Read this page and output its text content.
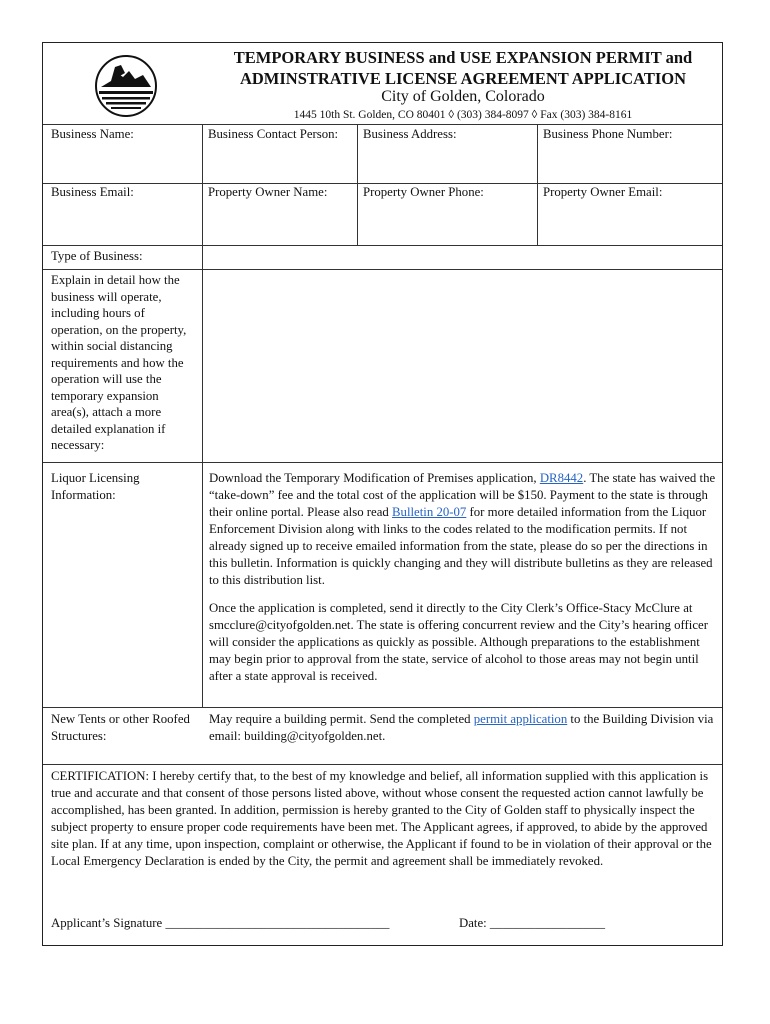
TEMPORARY BUSINESS and USE EXPANSION PERMIT and
ADMINSTRATIVE LICENSE AGREEMENT APPLICATION
City of Golden, Colorado
1445 10th St. Golden, CO 80401 ◊ (303) 384-8097 ◊ Fax (303) 384-8161
Business Name:	Business Contact Person: Business Address:	Business Phone Number:
Business Email:	Property Owner Name:	Property Owner Phone:	Property Owner Email:
Type of Business:
Explain in detail how the business will operate, including hours of operation, on the property, within social distancing requirements and how the operation will use the temporary expansion area(s), attach a more detailed explanation if necessary:
Liquor Licensing Information:
Download the Temporary Modification of Premises application, DR8442. The state has waived the “take-down” fee and the total cost of the application will be $150. Payment to the state is through their online portal. Please also read Bulletin 20-07 for more detailed information from the Liquor Enforcement Division along with links to the codes related to the modification permits. If not already signed up to receive emailed information from the state, please do so per the directions in this bulletin. Information is quickly changing and they will distribute bulletins as they are released to this distribution list.
Once the application is completed, send it directly to the City Clerk’s Office-Stacy McClure at smcclure@cityofgolden.net. The state is offering concurrent review and the City’s hearing officer will consider the applications as quickly as possible. Although preparations to the establishment may begin prior to approval from the state, service of alcohol to those areas may not begin until after a state approval is received.
New Tents or other Roofed Structures:
May require a building permit. Send the completed permit application to the Building Division via email: building@cityofgolden.net.
CERTIFICATION: I hereby certify that, to the best of my knowledge and belief, all information supplied with this application is true and accurate and that consent of those persons listed above, without whose consent the requested action cannot lawfully be accomplished, has been granted. In addition, permission is hereby granted to the City of Golden staff to physically inspect the subject property to ensure proper code requirements have been met. The Applicant agrees, if approved, to abide by the approved site plan. If at any time, upon inspection, complaint or otherwise, the Applicant if found to be in violation of their approval or the Local Emergency Declaration is ended by the City, the permit and agreement shall be immediately revoked.
Applicant’s Signature ___________________________________	Date: __________________
